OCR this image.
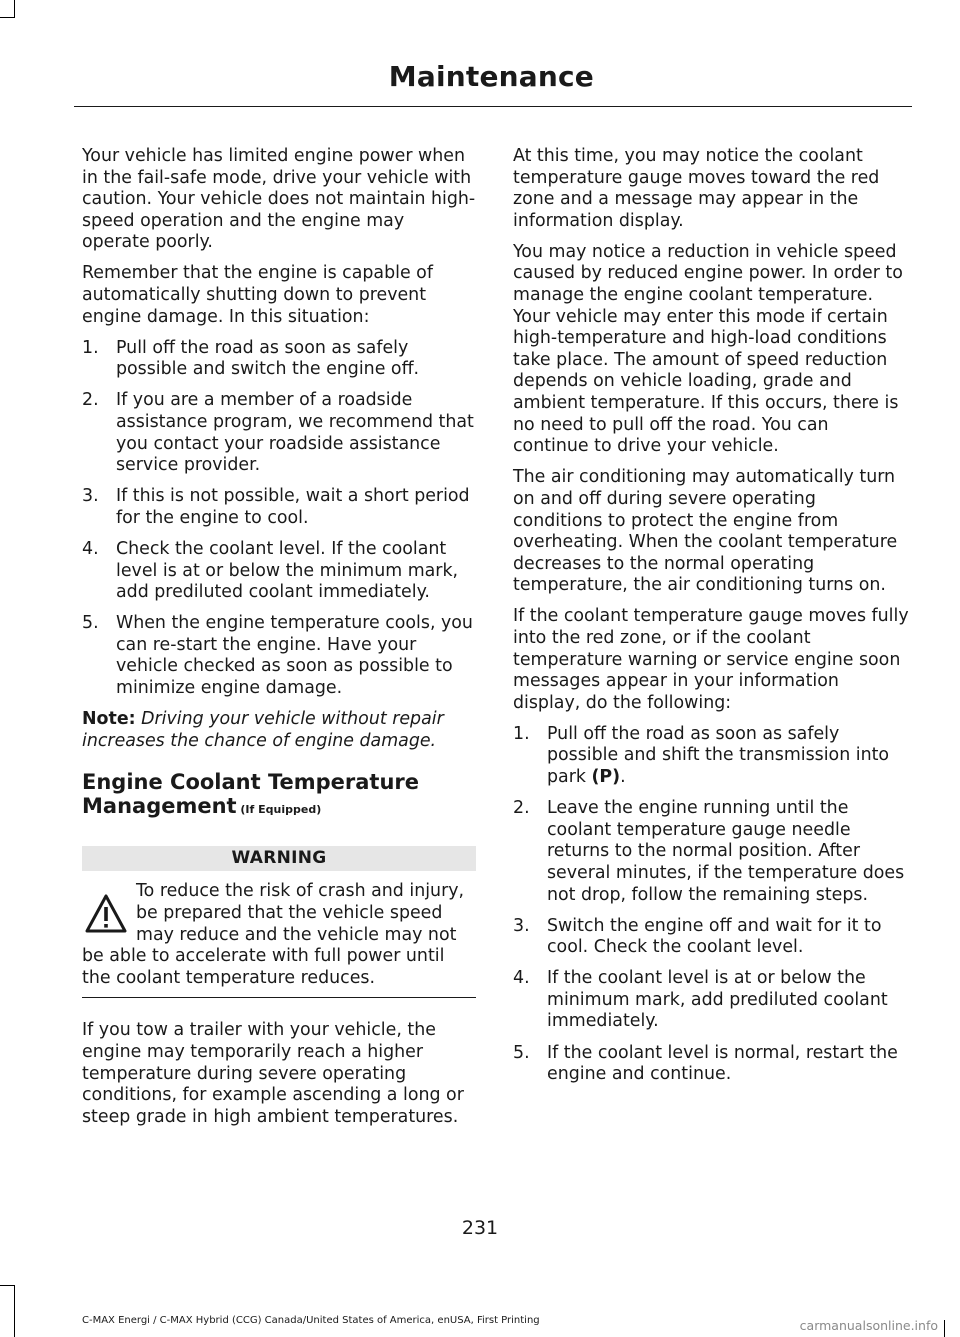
Maintenance

Your vehicle has limited engine power when in the fail-safe mode, drive your vehicle with caution. Your vehicle does not maintain high-speed operation and the engine may operate poorly.

Remember that the engine is capable of automatically shutting down to prevent engine damage. In this situation:

1. Pull off the road as soon as safely possible and switch the engine off.
2. If you are a member of a roadside assistance program, we recommend that you contact your roadside assistance service provider.
3. If this is not possible, wait a short period for the engine to cool.
4. Check the coolant level. If the coolant level is at or below the minimum mark, add prediluted coolant immediately.
5. When the engine temperature cools, you can re-start the engine. Have your vehicle checked as soon as possible to minimize engine damage.

Note: Driving your vehicle without repair increases the chance of engine damage.

Engine Coolant Temperature Management (If Equipped)
WARNING
To reduce the risk of crash and injury, be prepared that the vehicle speed may reduce and the vehicle may not be able to accelerate with full power until the coolant temperature reduces.

If you tow a trailer with your vehicle, the engine may temporarily reach a higher temperature during severe operating conditions, for example ascending a long or steep grade in high ambient temperatures.

At this time, you may notice the coolant temperature gauge moves toward the red zone and a message may appear in the information display.

You may notice a reduction in vehicle speed caused by reduced engine power. In order to manage the engine coolant temperature. Your vehicle may enter this mode if certain high-temperature and high-load conditions take place. The amount of speed reduction depends on vehicle loading, grade and ambient temperature. If this occurs, there is no need to pull off the road. You can continue to drive your vehicle.

The air conditioning may automatically turn on and off during severe operating conditions to protect the engine from overheating. When the coolant temperature decreases to the normal operating temperature, the air conditioning turns on.

If the coolant temperature gauge moves fully into the red zone, or if the coolant temperature warning or service engine soon messages appear in your information display, do the following:

1. Pull off the road as soon as safely possible and shift the transmission into park (P).
2. Leave the engine running until the coolant temperature gauge needle returns to the normal position. After several minutes, if the temperature does not drop, follow the remaining steps.
3. Switch the engine off and wait for it to cool. Check the coolant level.
4. If the coolant level is at or below the minimum mark, add prediluted coolant immediately.
5. If the coolant level is normal, restart the engine and continue.
231
C-MAX Energi / C-MAX Hybrid (CCG) Canada/United States of America, enUSA, First Printing	carmanualsonline.info
